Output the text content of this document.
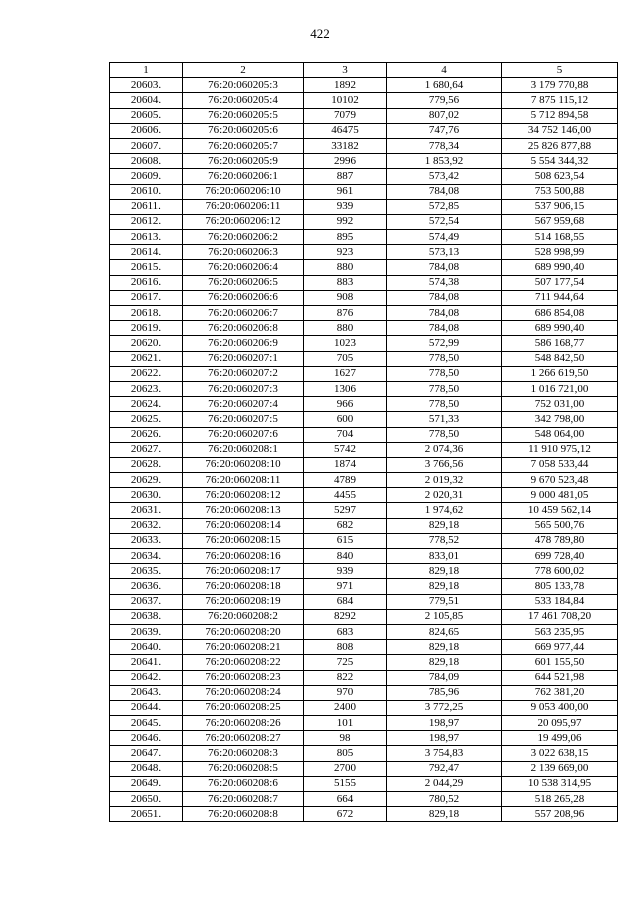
422
1	2	3	4	5
20603.	76:20:060205:3	1892	1 680,64	3 179 770,88
20604.	76:20:060205:4	10102	779,56	7 875 115,12
20605.	76:20:060205:5	7079	807,02	5 712 894,58
20606.	76:20:060205:6	46475	747,76	34 752 146,00
20607.	76:20:060205:7	33182	778,34	25 826 877,88
20608.	76:20:060205:9	2996	1 853,92	5 554 344,32
20609.	76:20:060206:1	887	573,42	508 623,54
20610.	76:20:060206:10	961	784,08	753 500,88
20611.	76:20:060206:11	939	572,85	537 906,15
20612.	76:20:060206:12	992	572,54	567 959,68
20613.	76:20:060206:2	895	574,49	514 168,55
20614.	76:20:060206:3	923	573,13	528 998,99
20615.	76:20:060206:4	880	784,08	689 990,40
20616.	76:20:060206:5	883	574,38	507 177,54
20617.	76:20:060206:6	908	784,08	711 944,64
20618.	76:20:060206:7	876	784,08	686 854,08
20619.	76:20:060206:8	880	784,08	689 990,40
20620.	76:20:060206:9	1023	572,99	586 168,77
20621.	76:20:060207:1	705	778,50	548 842,50
20622.	76:20:060207:2	1627	778,50	1 266 619,50
20623.	76:20:060207:3	1306	778,50	1 016 721,00
20624.	76:20:060207:4	966	778,50	752 031,00
20625.	76:20:060207:5	600	571,33	342 798,00
20626.	76:20:060207:6	704	778,50	548 064,00
20627.	76:20:060208:1	5742	2 074,36	11 910 975,12
20628.	76:20:060208:10	1874	3 766,56	7 058 533,44
20629.	76:20:060208:11	4789	2 019,32	9 670 523,48
20630.	76:20:060208:12	4455	2 020,31	9 000 481,05
20631.	76:20:060208:13	5297	1 974,62	10 459 562,14
20632.	76:20:060208:14	682	829,18	565 500,76
20633.	76:20:060208:15	615	778,52	478 789,80
20634.	76:20:060208:16	840	833,01	699 728,40
20635.	76:20:060208:17	939	829,18	778 600,02
20636.	76:20:060208:18	971	829,18	805 133,78
20637.	76:20:060208:19	684	779,51	533 184,84
20638.	76:20:060208:2	8292	2 105,85	17 461 708,20
20639.	76:20:060208:20	683	824,65	563 235,95
20640.	76:20:060208:21	808	829,18	669 977,44
20641.	76:20:060208:22	725	829,18	601 155,50
20642.	76:20:060208:23	822	784,09	644 521,98
20643.	76:20:060208:24	970	785,96	762 381,20
20644.	76:20:060208:25	2400	3 772,25	9 053 400,00
20645.	76:20:060208:26	101	198,97	20 095,97
20646.	76:20:060208:27	98	198,97	19 499,06
20647.	76:20:060208:3	805	3 754,83	3 022 638,15
20648.	76:20:060208:5	2700	792,47	2 139 669,00
20649.	76:20:060208:6	5155	2 044,29	10 538 314,95
20650.	76:20:060208:7	664	780,52	518 265,28
20651.	76:20:060208:8	672	829,18	557 208,96
